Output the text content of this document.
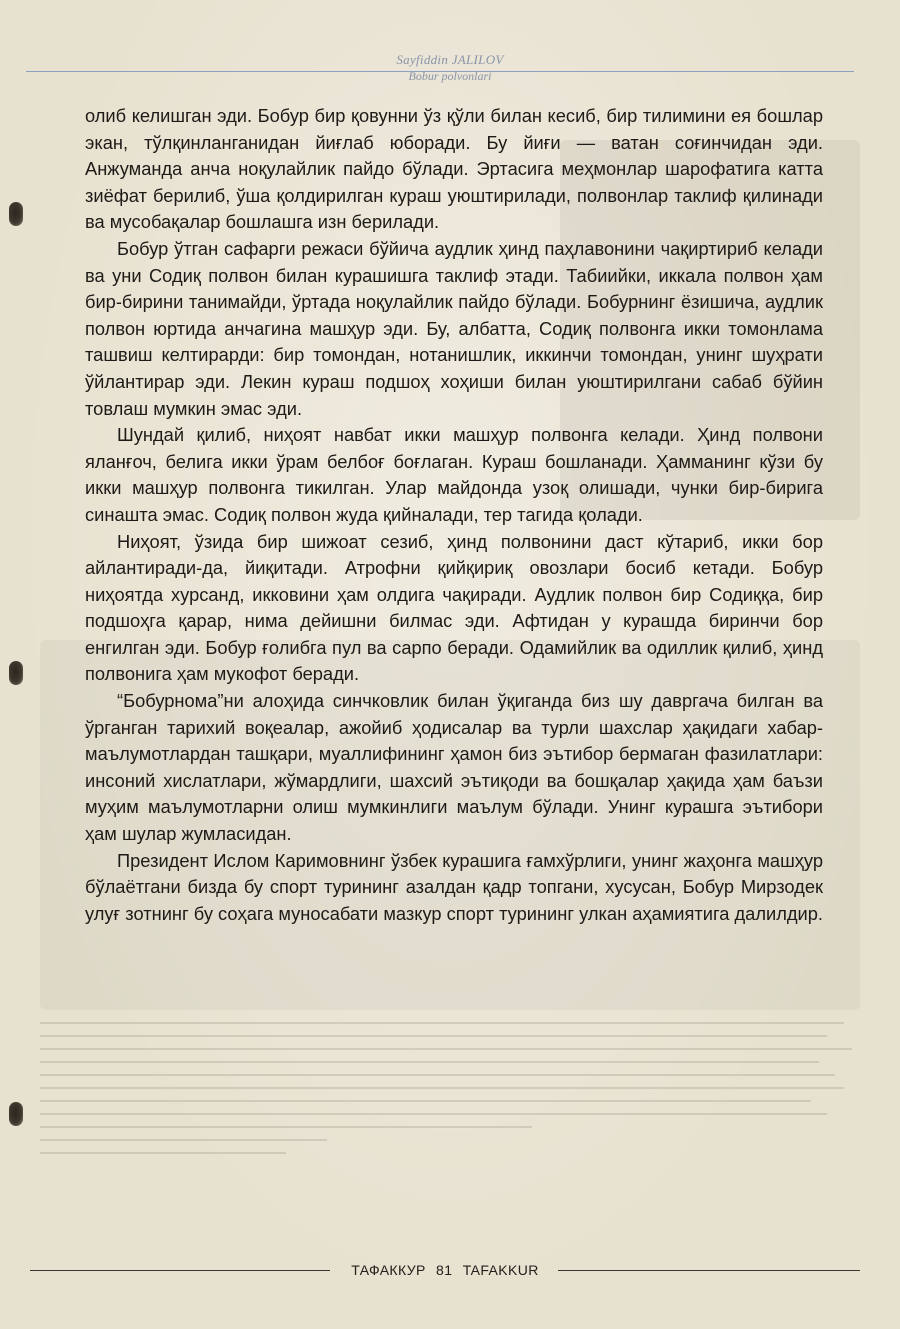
Sayfiddin JALILOV
Bobur polvonlari

олиб келишган эди. Бобур бир қовунни ўз қўли билан кесиб, бир тилимини ея бошлар экан, тўлқинланганидан йиғлаб юборади. Бу йиғи — ватан соғинчидан эди. Анжуманда анча ноқулайлик пайдо бўлади. Эртасига меҳмонлар шарофатига катта зиёфат берилиб, ўша қолдирилган кураш уюштирилади, полвонлар таклиф қилинади ва мусобақалар бошлашга изн берилади.

Бобур ўтган сафарги режаси бўйича аудлик ҳинд паҳлавонини чақиртириб келади ва уни Содиқ полвон билан курашишга таклиф этади. Табиийки, иккала полвон ҳам бир-бирини танимайди, ўртада ноқулайлик пайдо бўлади. Бобурнинг ёзишича, аудлик полвон юртида анчагина машҳур эди. Бу, албатта, Содиқ полвонга икки томонлама ташвиш келтирарди: бир томондан, нотанишлик, иккинчи томондан, унинг шуҳрати ўйлантирар эди. Лекин кураш подшоҳ хоҳиши билан уюштирилгани сабаб бўйин товлаш мумкин эмас эди.

Шундай қилиб, ниҳоят навбат икки машҳур полвонга келади. Ҳинд полвони яланғоч, белига икки ўрам белбоғ боғлаган. Кураш бошланади. Ҳамманинг кўзи бу икки машҳур полвонга тикилган. Улар майдонда узоқ олишади, чунки бир-бирига синашта эмас. Содиқ полвон жуда қийналади, тер тагида қолади.

Ниҳоят, ўзида бир шижоат сезиб, ҳинд полвонини даст кўтариб, икки бор айлантиради-да, йиқитади. Атрофни қийқириқ овозлари босиб кетади. Бобур ниҳоятда хурсанд, икковини ҳам олдига чақиради. Аудлик полвон бир Содиққа, бир подшоҳга қарар, нима дейишни билмас эди. Афтидан у курашда биринчи бор енгилган эди. Бобур ғолибга пул ва сарпо беради. Одамийлик ва одиллик қилиб, ҳинд полвонига ҳам мукофот беради.

“Бобурнома”ни алоҳида синчковлик билан ўқиганда биз шу давргача билган ва ўрганган тарихий воқеалар, ажойиб ҳодисалар ва турли шахслар ҳақидаги хабар-маълумотлардан ташқари, муаллифининг ҳамон биз эътибор бермаган фазилатлари: инсоний хислатлари, жўмардлиги, шахсий эътиқоди ва бошқалар ҳақида ҳам баъзи муҳим маълумотларни олиш мумкинлиги маълум бўлади. Унинг курашга эътибори ҳам шулар жумласидан.

Президент Ислом Каримовнинг ўзбек курашига ғамхўрлиги, унинг жаҳонга машҳур бўлаётгани бизда бу спорт турининг азалдан қадр топгани, хусусан, Бобур Мирзодек улуғ зотнинг бу соҳага муносабати мазкур спорт турининг улкан аҳамиятига далилдир.

ТАФАККУР 81 TAFAKKUR
